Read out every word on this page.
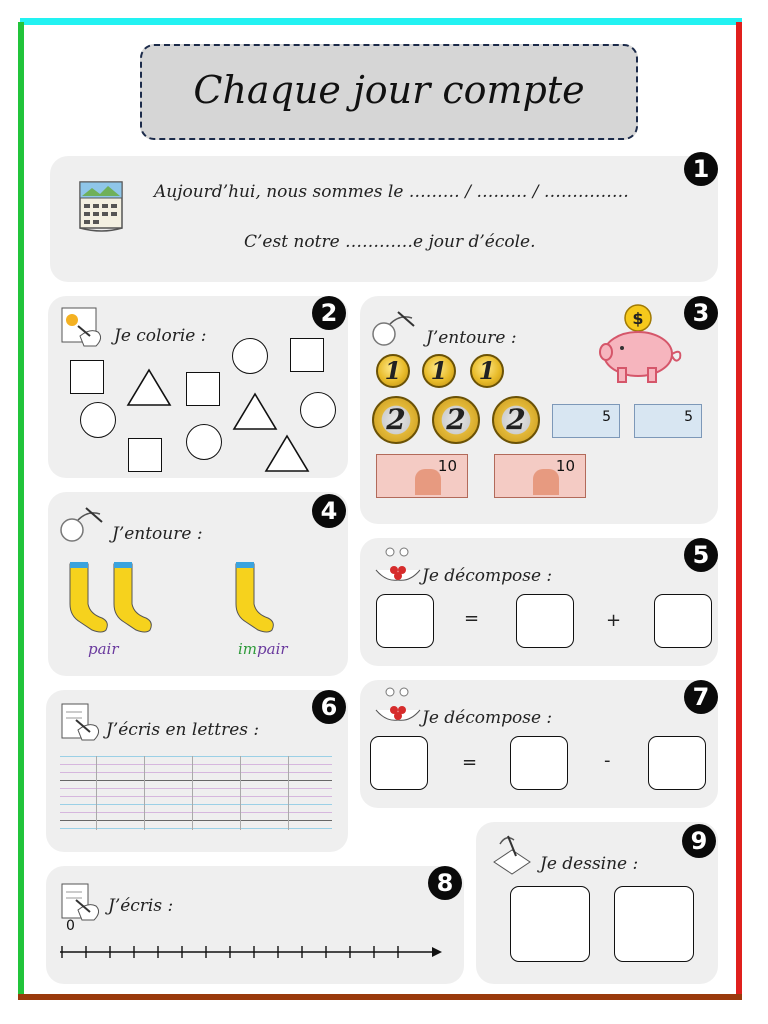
Chaque jour compte
1
Aujourd’hui, nous sommes le ……… / ……… / ……………
C’est notre …………e jour d’école.
2
Je colorie :
3
J’entoure :
$
1	1	1
2	2	2	5	5
10	10
4
J’entoure :
pair	impair
5
Je décompose :
=	+
6
J’écris en lettres :
7
Je décompose :
=	-
8
J’écris :
0
9
Je dessine :
